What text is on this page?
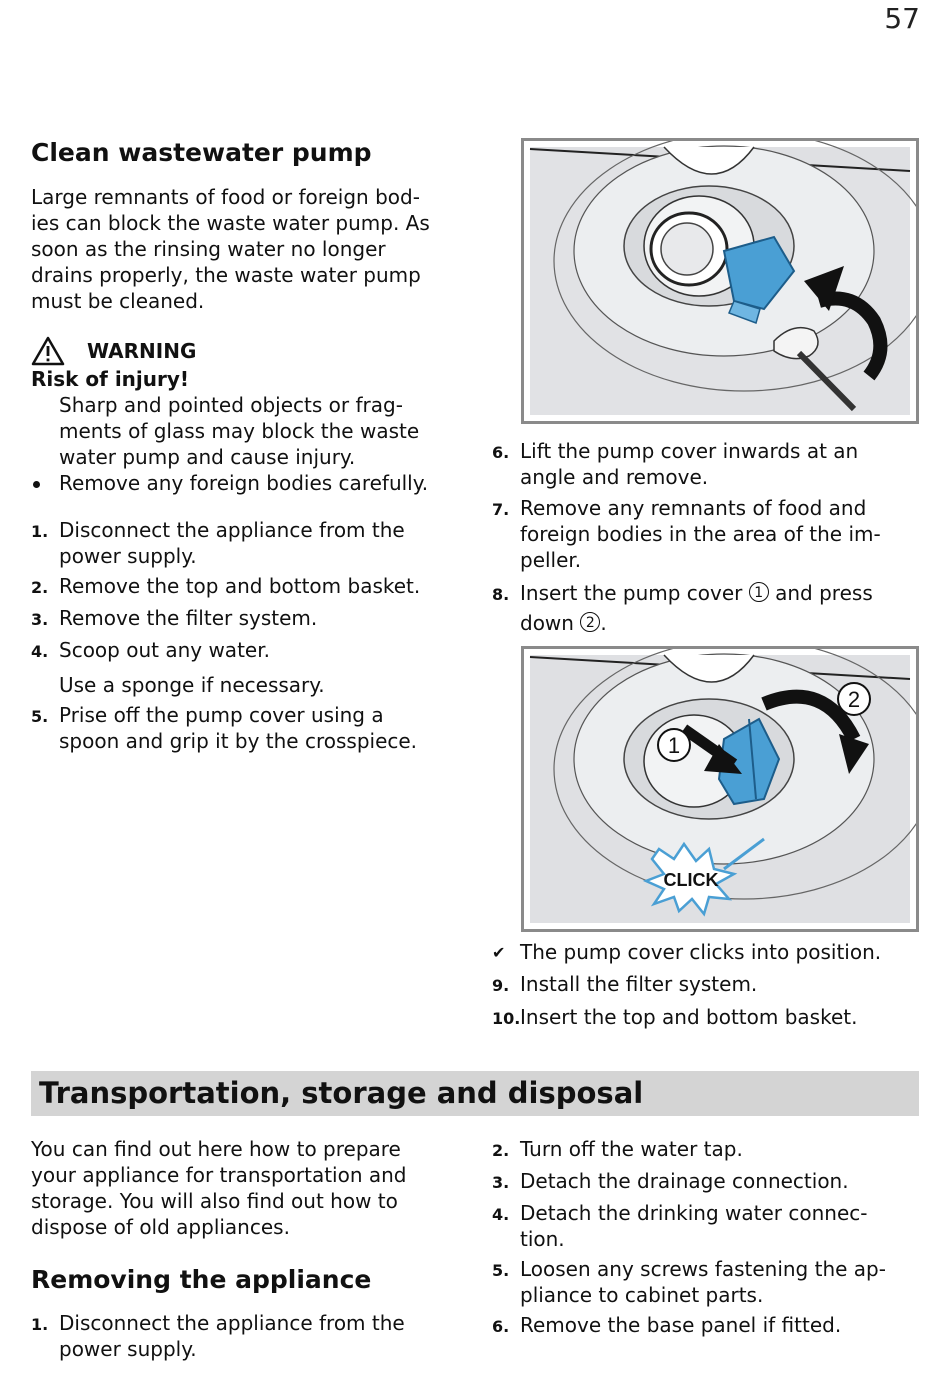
57
Clean wastewater pump

Large remnants of food or foreign bod-
ies can block the waste water pump. As
soon as the rinsing water no longer
drains properly, the waste water pump
must be cleaned.

WARNING
Risk of injury!
Sharp and pointed objects or frag-
ments of glass may block the waste
water pump and cause injury.
Remove any foreign bodies carefully.
1. Disconnect the appliance from the
power supply.
2. Remove the top and bottom basket.
3. Remove the filter system.
4. Scoop out any water.
Use a sponge if necessary.
5. Prise off the pump cover using a
spoon and grip it by the crosspiece.
6. Lift the pump cover inwards at an
angle and remove.
7. Remove any remnants of food and
foreign bodies in the area of the im-
peller.
8. Insert the pump cover 1 and press
down 2 .
1
2
CLICK
✔ The pump cover clicks into position.
9. Install the filter system.
10. Insert the top and bottom basket.
Transportation, storage and disposal

You can find out here how to prepare
your appliance for transportation and
storage. You will also find out how to
dispose of old appliances.

Removing the appliance
1. Disconnect the appliance from the
power supply.
2. Turn off the water tap.
3. Detach the drainage connection.
4. Detach the drinking water connec-
tion.
5. Loosen any screws fastening the ap-
pliance to cabinet parts.
6. Remove the base panel if fitted.
